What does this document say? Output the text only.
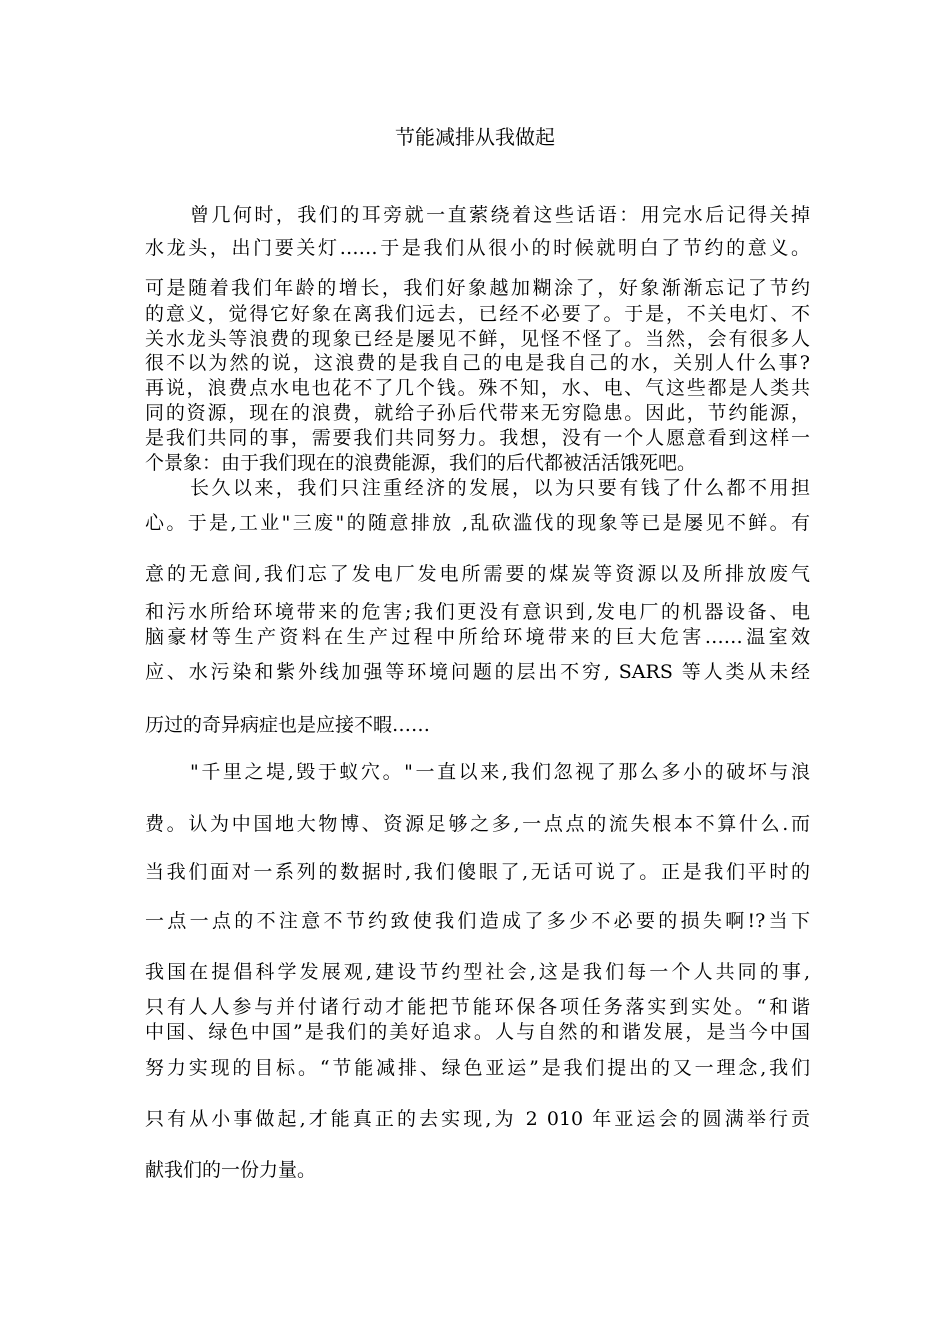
节能减排从我做起
曾几何时，我们的耳旁就一直萦绕着这些话语：用完水后记得关掉
水龙头，出门要关灯……于是我们从很小的时候就明白了节约的意义。
可是随着我们年龄的增长，我们好象越加糊涂了，好象渐渐忘记了节约
的意义，觉得它好象在离我们远去，已经不必要了。于是，不关电灯、不
关水龙头等浪费的现象已经是屡见不鲜，见怪不怪了。当然，会有很多人
很不以为然的说，这浪费的是我自己的电是我自己的水，关别人什么事?
再说，浪费点水电也花不了几个钱。殊不知，水、电、气这些都是人类共
同的资源，现在的浪费，就给子孙后代带来无穷隐患。因此，节约能源，
是我们共同的事，需要我们共同努力。我想，没有一个人愿意看到这样一
个景象：由于我们现在的浪费能源，我们的后代都被活活饿死吧。
长久以来，我们只注重经济的发展，以为只要有钱了什么都不用担
心。于是,工业"三废"的随意排放 ,乱砍滥伐的现象等已是屡见不鲜。有
意的无意间,我们忘了发电厂发电所需要的煤炭等资源以及所排放废气
和污水所给环境带来的危害;我们更没有意识到,发电厂的机器设备、电
脑豪材等生产资料在生产过程中所给环境带来的巨大危害……温室效
应、水污染和紫外线加强等环境问题的层出不穷, SARS 等人类从未经
历过的奇异病症也是应接不暇……
"千里之堤,毁于蚁穴。"一直以来,我们忽视了那么多小的破坏与浪
费。认为中国地大物博、资源足够之多,一点点的流失根本不算什么.而
当我们面对一系列的数据时,我们傻眼了,无话可说了。正是我们平时的
一点一点的不注意不节约致使我们造成了多少不必要的损失啊!?当下
我国在提倡科学发展观,建设节约型社会,这是我们每一个人共同的事,
只有人人参与并付诸行动才能把节能环保各项任务落实到实处。“和谐
中国、绿色中国”是我们的美好追求。人与自然的和谐发展，是当今中国
努力实现的目标。“节能减排、绿色亚运”是我们提出的又一理念,我们
只有从小事做起,才能真正的去实现,为 2 010 年亚运会的圆满举行贡
献我们的一份力量。
